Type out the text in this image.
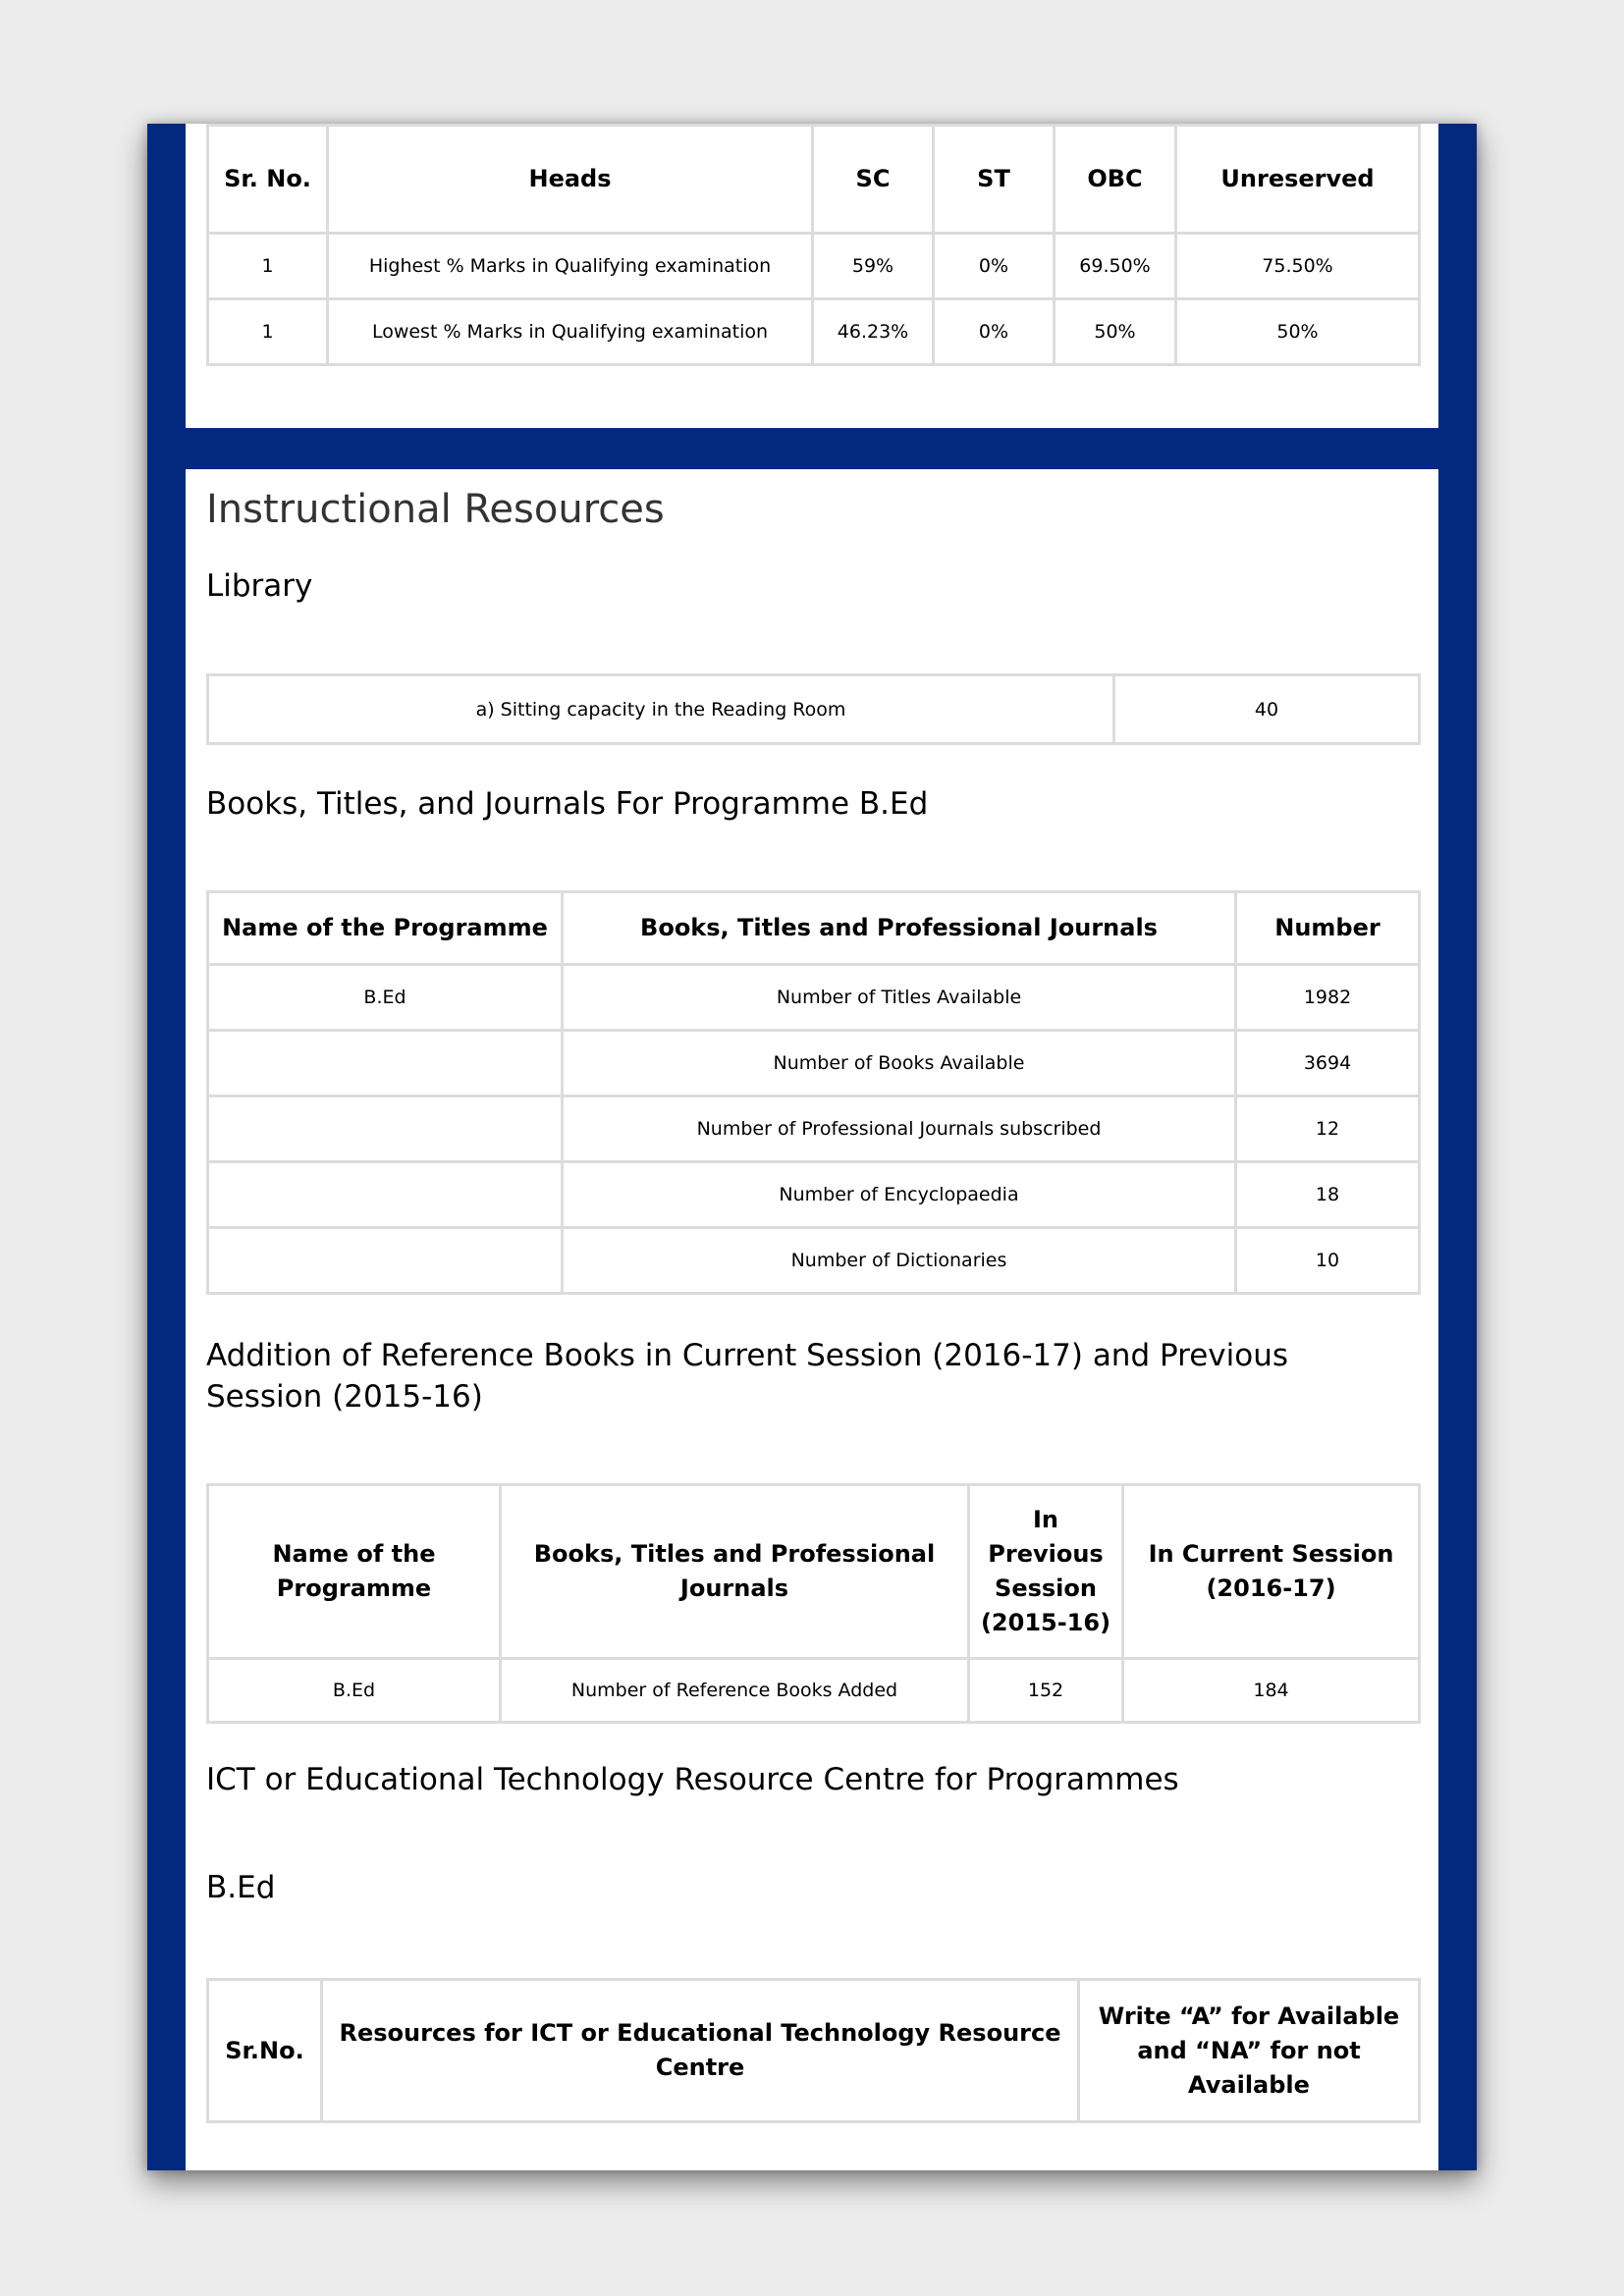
Sr. No.	Heads	SC	ST	OBC	Unreserved
1	Highest % Marks in Qualifying examination	59%	0%	69.50%	75.50%
1	Lowest % Marks in Qualifying examination	46.23%	0%	50%	50%
Instructional Resources
Library
a) Sitting capacity in the Reading Room	40
Books, Titles, and Journals For Programme B.Ed
Name of the Programme	Books, Titles and Professional Journals	Number
B.Ed	Number of Titles Available	1982
	Number of Books Available	3694
	Number of Professional Journals subscribed	12
	Number of Encyclopaedia	18
	Number of Dictionaries	10
Addition of Reference Books in Current Session (2016-17) and Previous Session (2015-16)
Name of the Programme	Books, Titles and Professional Journals	In Previous Session (2015-16)	In Current Session (2016-17)
B.Ed	Number of Reference Books Added	152	184
ICT or Educational Technology Resource Centre for Programmes
B.Ed
Sr.No.	Resources for ICT or Educational Technology Resource Centre	Write “A” for Available and “NA” for not Available
